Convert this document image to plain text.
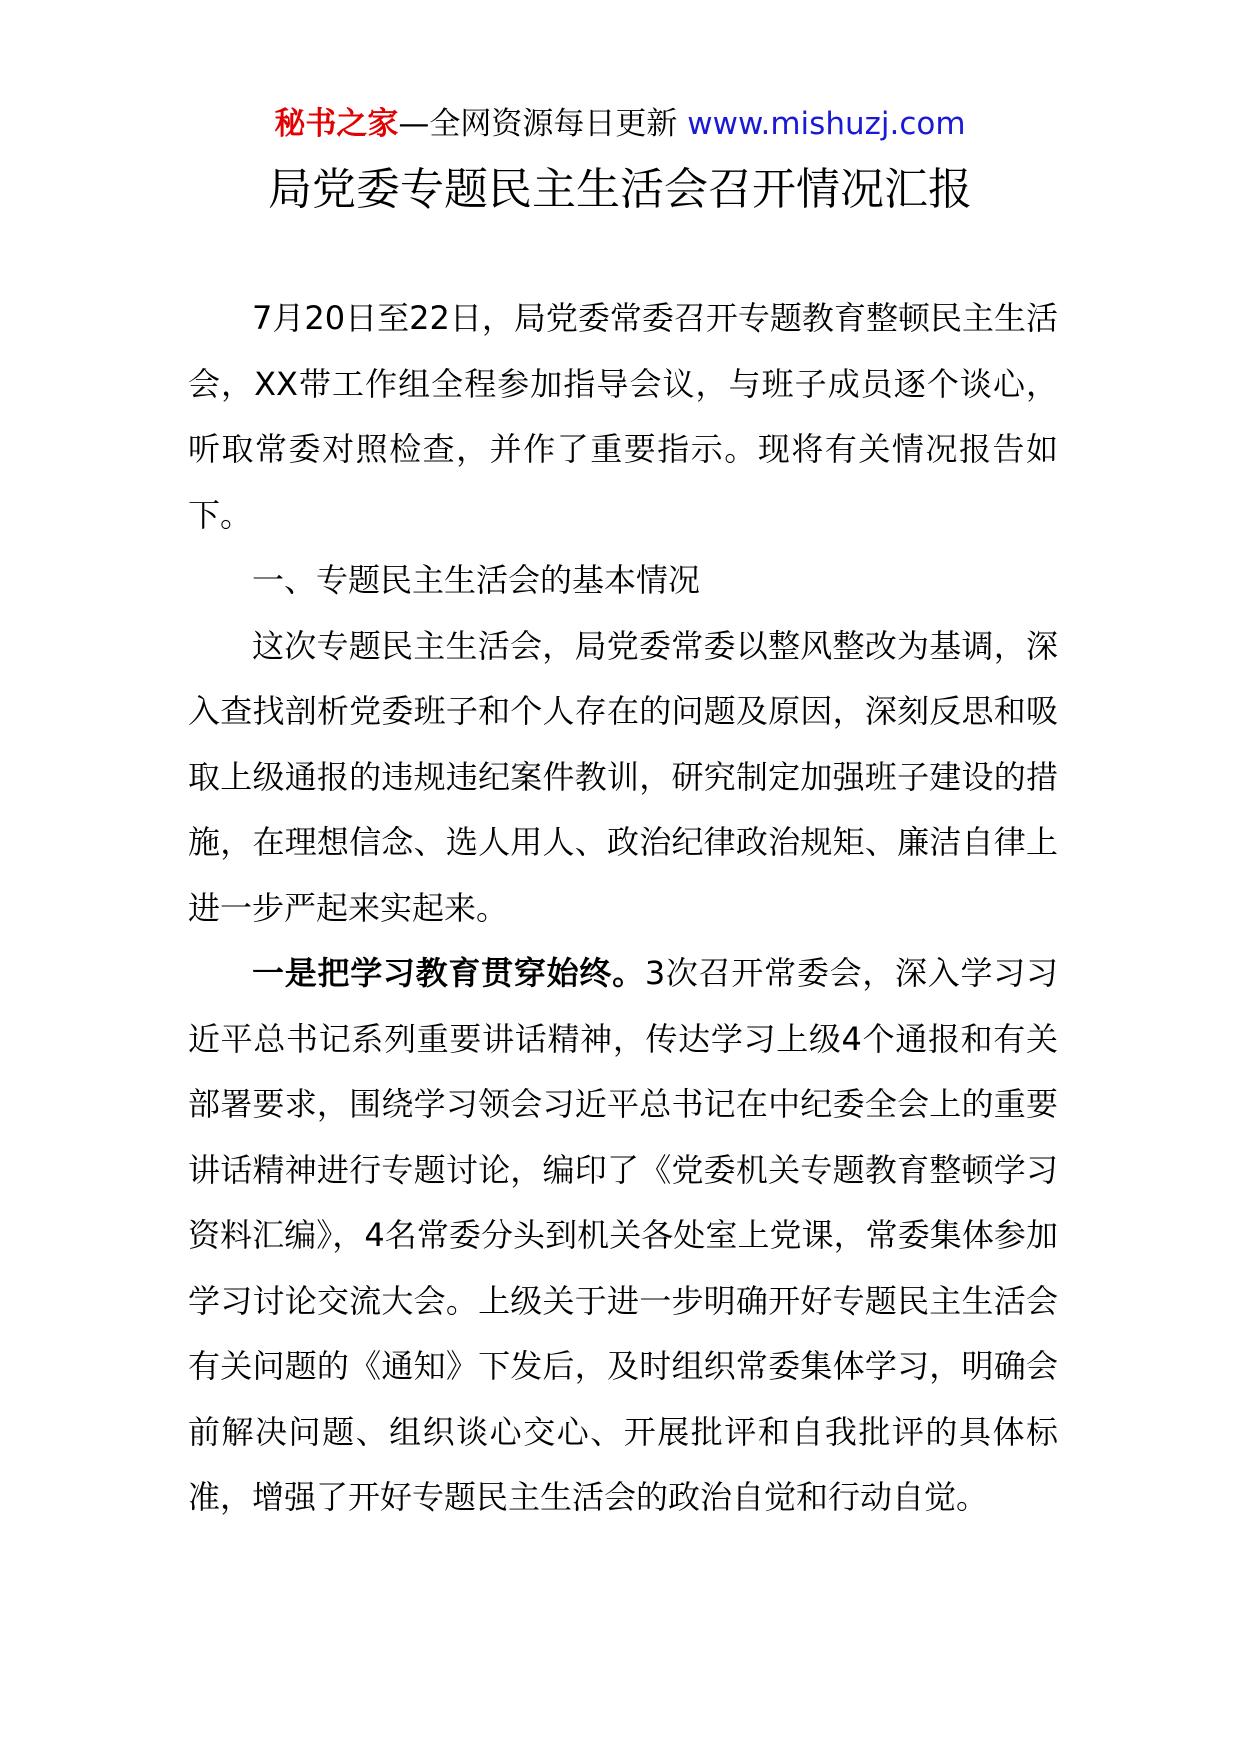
秘书之家—全网资源每日更新 www.mishuzj.com
局党委专题民主生活会召开情况汇报

7月20日至22日，局党委常委召开专题教育整顿民主生活会，XX带工作组全程参加指导会议，与班子成员逐个谈心，听取常委对照检查，并作了重要指示。现将有关情况报告如下。

一、专题民主生活会的基本情况

这次专题民主生活会，局党委常委以整风整改为基调，深入查找剖析党委班子和个人存在的问题及原因，深刻反思和吸取上级通报的违规违纪案件教训，研究制定加强班子建设的措施，在理想信念、选人用人、政治纪律政治规矩、廉洁自律上进一步严起来实起来。

一是把学习教育贯穿始终。3次召开常委会，深入学习习近平总书记系列重要讲话精神，传达学习上级4个通报和有关部署要求，围绕学习领会习近平总书记在中纪委全会上的重要讲话精神进行专题讨论，编印了《党委机关专题教育整顿学习资料汇编》，4名常委分头到机关各处室上党课，常委集体参加学习讨论交流大会。上级关于进一步明确开好专题民主生活会有关问题的《通知》下发后，及时组织常委集体学习，明确会前解决问题、组织谈心交心、开展批评和自我批评的具体标准，增强了开好专题民主生活会的政治自觉和行动自觉。
